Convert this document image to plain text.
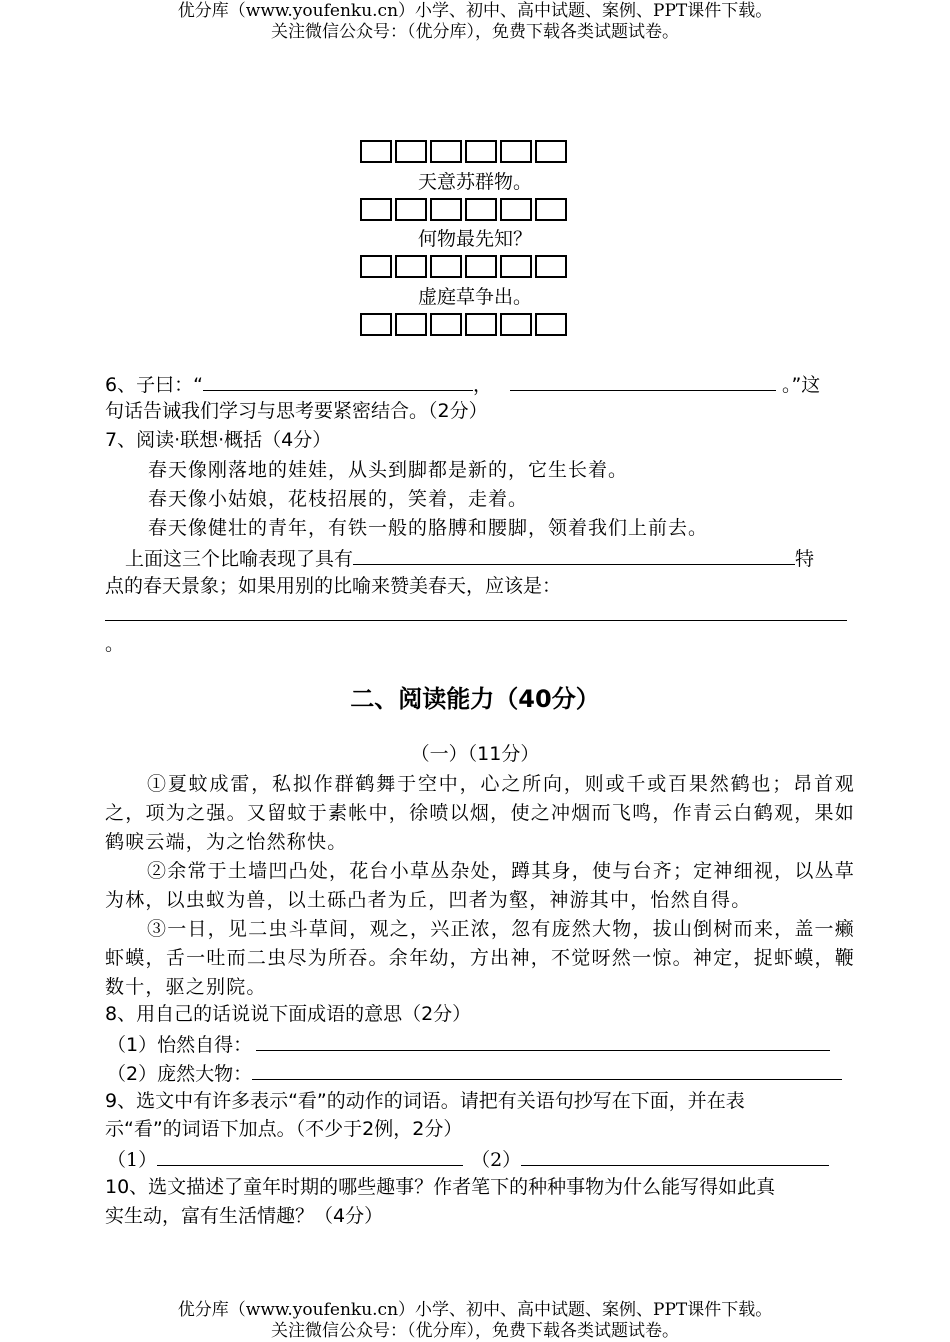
优分库（www.youfenku.cn）小学、初中、高中试题、案例、PPT课件下载。
关注微信公众号：（优分库），免费下载各类试题试卷。
天意苏群物。
何物最先知？
虚庭草争出。
6、子曰：“	，	。”这
句话告诫我们学习与思考要紧密结合。（2分）
7、阅读·联想·概括（4分）
春天像刚落地的娃娃，从头到脚都是新的，它生长着。
春天像小姑娘，花枝招展的，笑着，走着。
春天像健壮的青年，有铁一般的胳膊和腰脚，领着我们上前去。
上面这三个比喻表现了具有	特
点的春天景象；如果用别的比喻来赞美春天，应该是：
。
二、阅读能力（40分）
（一）（11分）

①夏蚊成雷，私拟作群鹤舞于空中，心之所向，则或千或百果然鹤也；昂首观之，项为之强。又留蚊于素帐中，徐喷以烟，使之冲烟而飞鸣，作青云白鹤观，果如鹤唳云端，为之怡然称快。

②余常于土墙凹凸处，花台小草丛杂处，蹲其身，使与台齐；定神细视，以丛草为林，以虫蚁为兽，以土砾凸者为丘，凹者为壑，神游其中，怡然自得。

③一日，见二虫斗草间，观之，兴正浓，忽有庞然大物，拔山倒树而来，盖一癞虾蟆，舌一吐而二虫尽为所吞。余年幼，方出神，不觉呀然一惊。神定，捉虾蟆，鞭数十，驱之别院。

8、用自己的话说说下面成语的意思（2分）
（1）怡然自得：
（2）庞然大物：
9、选文中有许多表示“看”的动作的词语。请把有关语句抄写在下面，并在表
示“看”的词语下加点。（不少于2例，2分）
（1）	（2）
10、选文描述了童年时期的哪些趣事？作者笔下的种种事物为什么能写得如此真
实生动，富有生活情趣？（4分）
优分库（www.youfenku.cn）小学、初中、高中试题、案例、PPT课件下载。
关注微信公众号：（优分库），免费下载各类试题试卷。
